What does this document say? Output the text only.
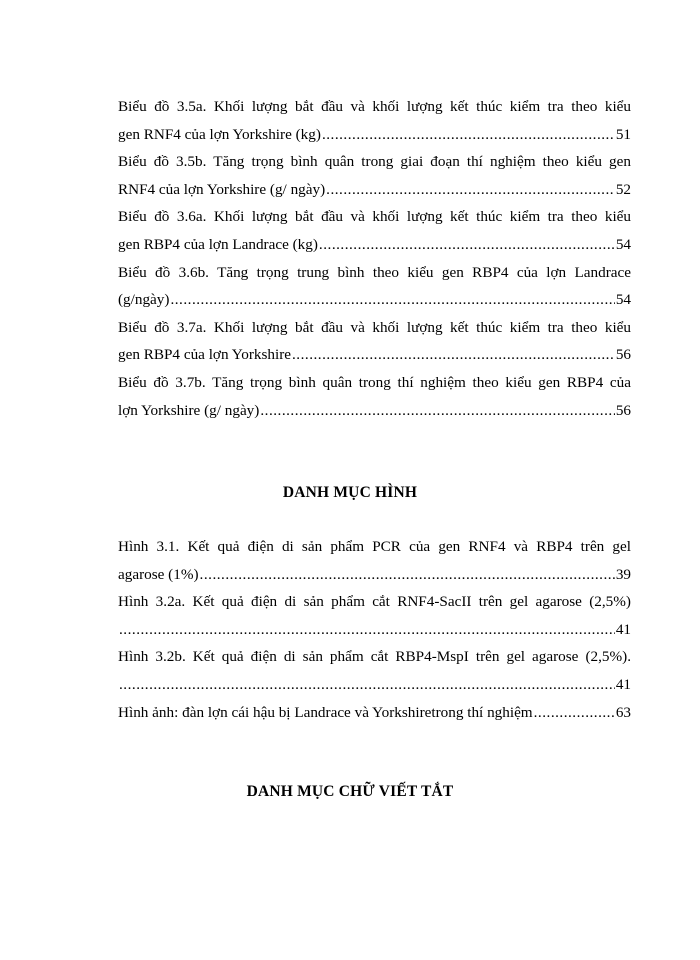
Biểu đồ 3.5a. Khối lượng bắt đầu và khối lượng kết thúc kiểm tra theo kiểu
gen RNF4 của lợn Yorkshire (kg) .....	51
Biểu đồ 3.5b. Tăng trọng bình quân trong giai đoạn thí nghiệm theo kiểu gen
RNF4 của lợn Yorkshire (g/ ngày) .....	52
Biểu đồ 3.6a. Khối lượng bắt đầu và khối lượng kết thúc kiểm tra theo kiểu
gen RBP4 của lợn Landrace (kg) .....	54
Biểu đồ 3.6b. Tăng trọng trung bình theo kiểu gen RBP4 của lợn Landrace
(g/ngày) .....	54
Biểu đồ 3.7a. Khối lượng bắt đầu và khối lượng kết thúc kiểm tra theo kiểu
gen RBP4 của lợn Yorkshire .....	56
Biểu đồ 3.7b. Tăng trọng bình quân trong thí nghiệm theo kiểu gen RBP4 của
lợn Yorkshire (g/ ngày) .....	56
DANH MỤC HÌNH
Hình 3.1. Kết quả điện di sản phẩm PCR của gen RNF4 và RBP4 trên gel
agarose (1%) .....	39
Hình 3.2a. Kết quả điện di sản phẩm cắt RNF4-SacII trên gel agarose (2,5%)
.....
41
Hình 3.2b. Kết quả điện di sản phẩm cắt RBP4-MspI trên gel agarose (2,5%).
.....
41
Hình ảnh: đàn lợn cái hậu bị Landrace và Yorkshiretrong thí nghiệm .....	63
DANH MỤC CHỮ VIẾT TẮT
